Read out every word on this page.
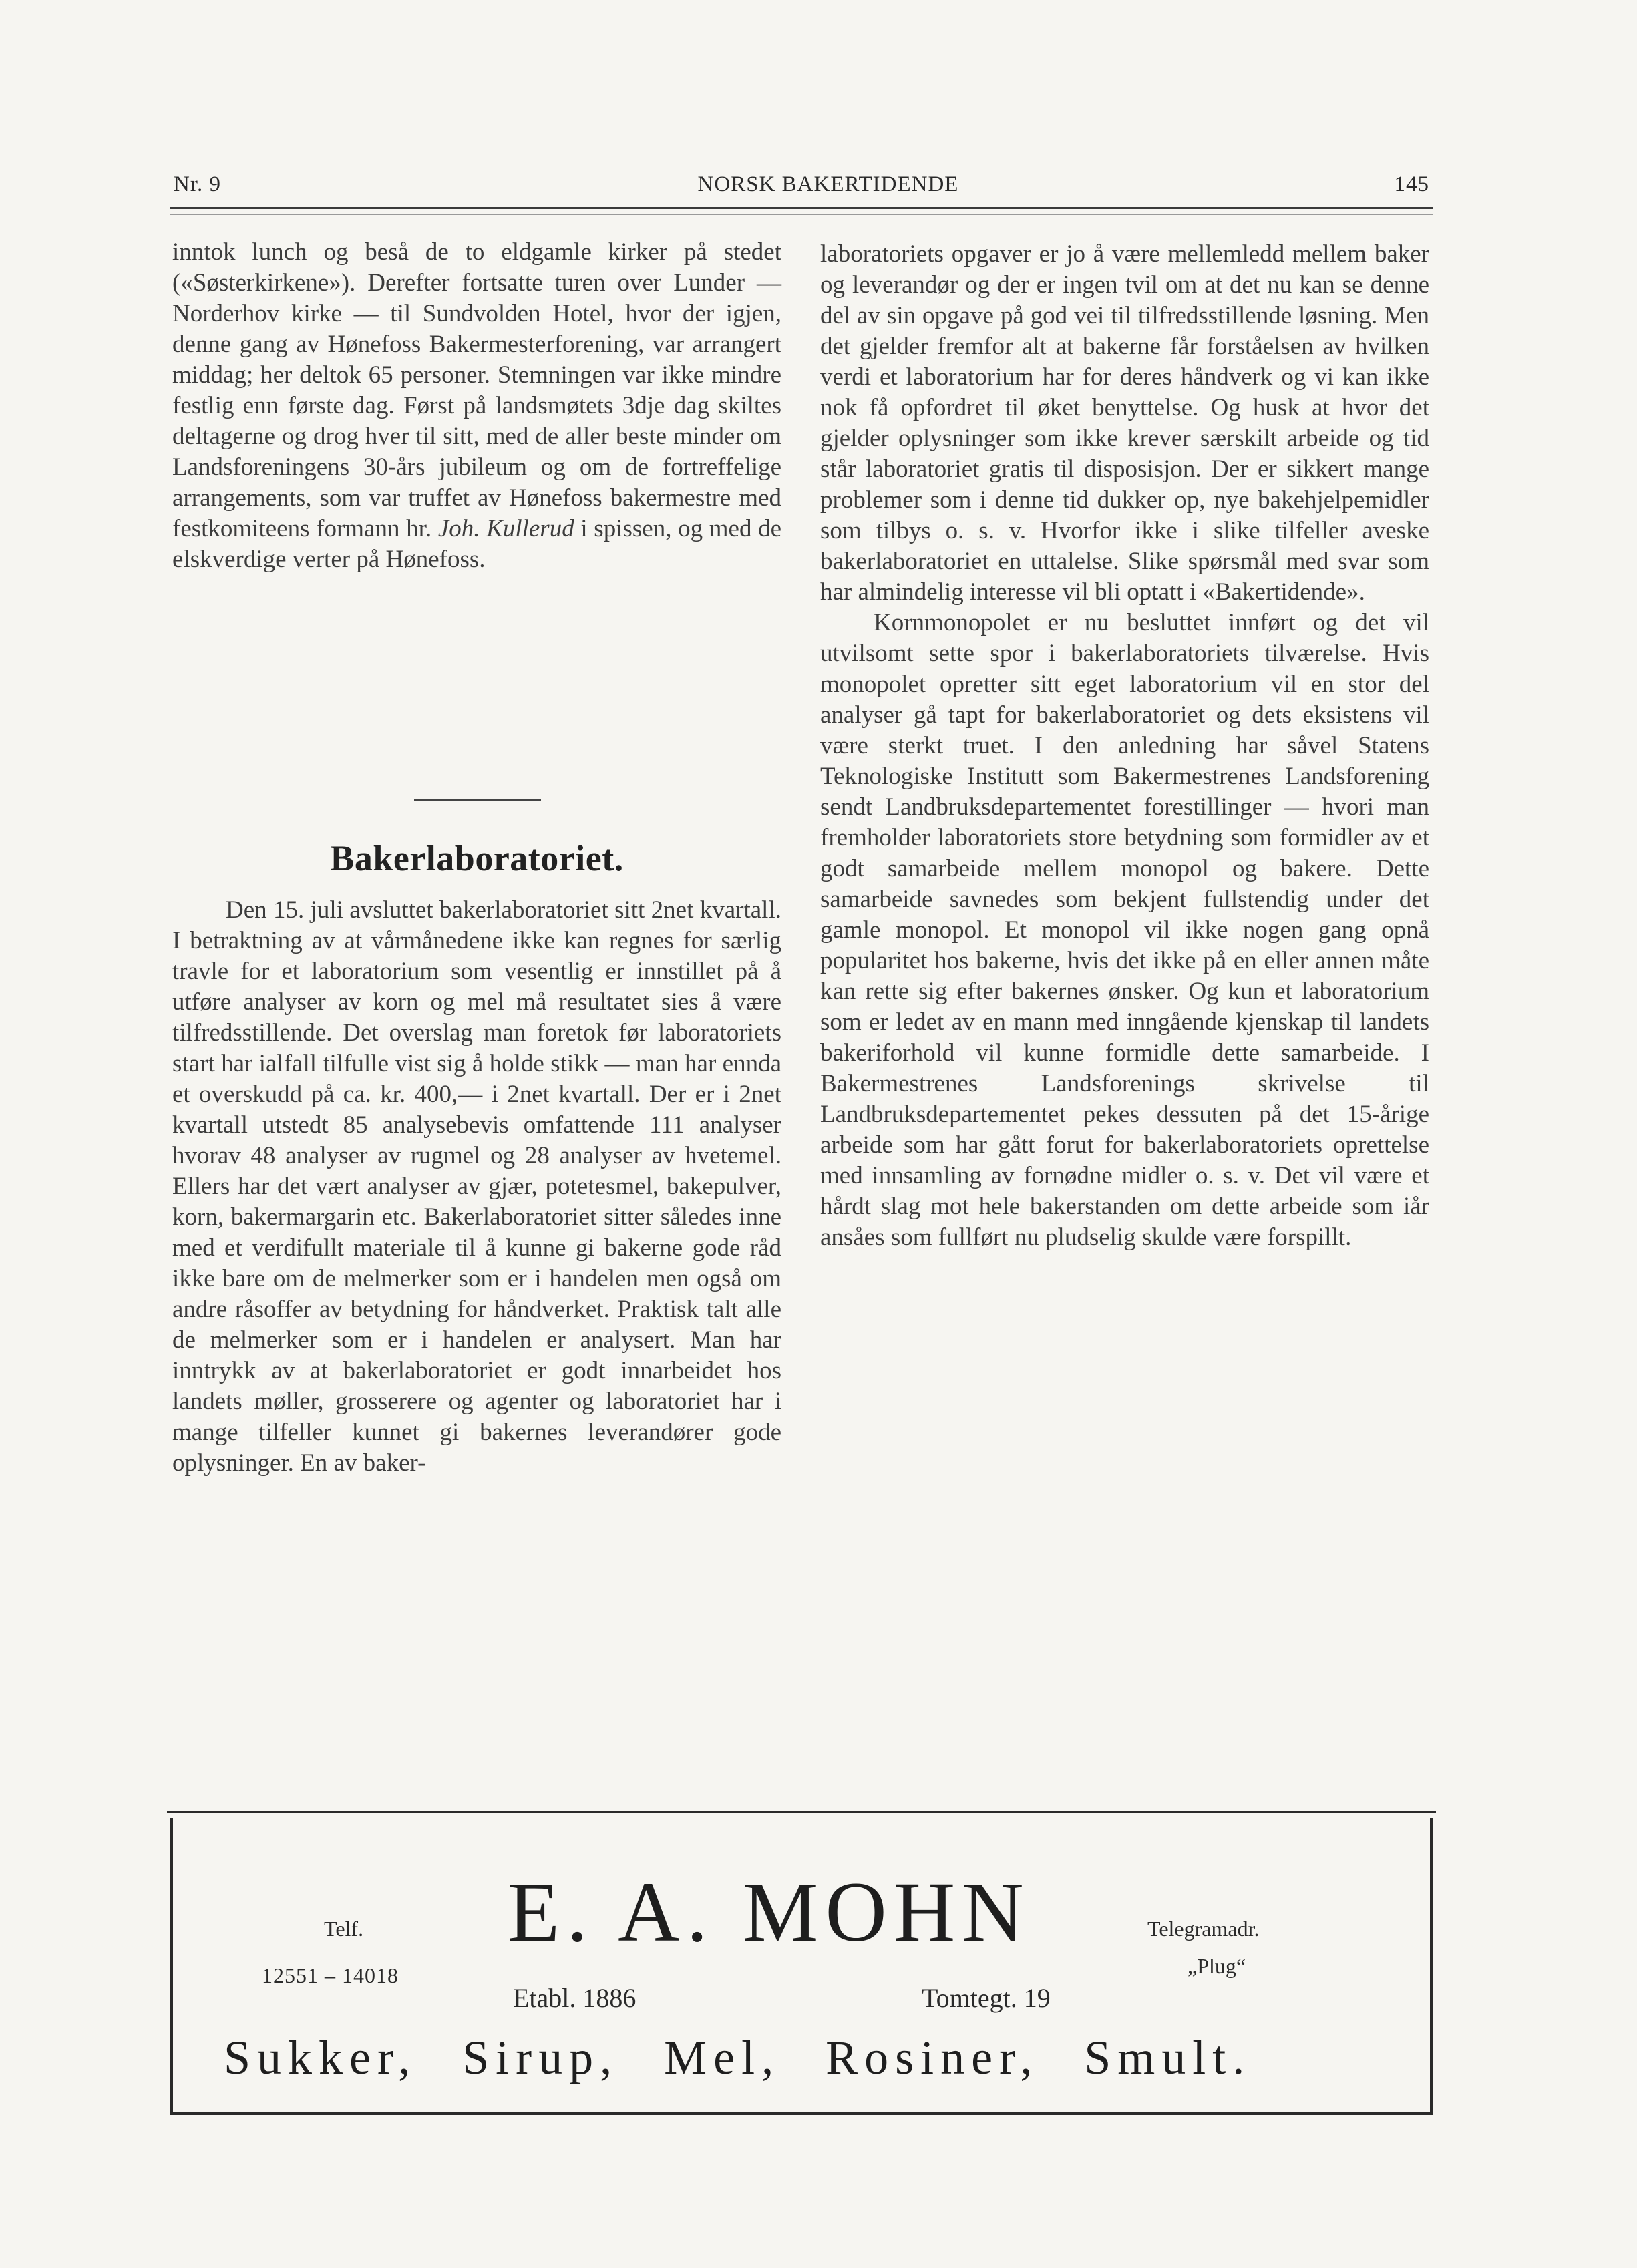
Nr. 9	NORSK BAKERTIDENDE	145

inntok lunch og beså de to eldgamle kirker på stedet («Søsterkirkene»). Derefter fortsatte turen over Lunder — Norderhov kirke — til Sundvolden Hotel, hvor der igjen, denne gang av Hønefoss Bakermesterforening, var arrangert middag; her deltok 65 personer. Stemningen var ikke mindre festlig enn første dag. Først på landsmøtets 3dje dag skiltes deltagerne og drog hver til sitt, med de aller beste minder om Landsforeningens 30-års jubileum og om de fortreffelige arrangements, som var truffet av Hønefoss bakermestre med festkomiteens formann hr. Joh. Kullerud i spissen, og med de elskverdige verter på Hønefoss.

Bakerlaboratoriet.

Den 15. juli avsluttet bakerlaboratoriet sitt 2net kvartall. I betraktning av at vårmånedene ikke kan regnes for særlig travle for et laboratorium som vesentlig er innstillet på å utføre analyser av korn og mel må resultatet sies å være tilfredsstillende. Det overslag man foretok før laboratoriets start har ialfall tilfulle vist sig å holde stikk — man har ennda et overskudd på ca. kr. 400,— i 2net kvartall. Der er i 2net kvartall utstedt 85 analysebevis omfattende 111 analyser hvorav 48 analyser av rugmel og 28 analyser av hvetemel. Ellers har det vært analyser av gjær, potetesmel, bakepulver, korn, bakermargarin etc. Bakerlaboratoriet sitter således inne med et verdifullt materiale til å kunne gi bakerne gode råd ikke bare om de melmerker som er i handelen men også om andre råsoffer av betydning for håndverket. Praktisk talt alle de melmerker som er i handelen er analysert. Man har inntrykk av at bakerlaboratoriet er godt innarbeidet hos landets møller, grosserere og agenter og laboratoriet har i mange tilfeller kunnet gi bakernes leverandører gode oplysninger. En av baker-

laboratoriets opgaver er jo å være mellemledd mellem baker og leverandør og der er ingen tvil om at det nu kan se denne del av sin opgave på god vei til tilfredsstillende løsning. Men det gjelder fremfor alt at bakerne får forståelsen av hvilken verdi et laboratorium har for deres håndverk og vi kan ikke nok få opfordret til øket benyttelse. Og husk at hvor det gjelder oplysninger som ikke krever særskilt arbeide og tid står laboratoriet gratis til disposisjon. Der er sikkert mange problemer som i denne tid dukker op, nye bakehjelpemidler som tilbys o. s. v. Hvorfor ikke i slike tilfeller aveske bakerlaboratoriet en uttalelse. Slike spørsmål med svar som har almindelig interesse vil bli optatt i «Bakertidende».

Kornmonopolet er nu besluttet innført og det vil utvilsomt sette spor i bakerlaboratoriets tilværelse. Hvis monopolet opretter sitt eget laboratorium vil en stor del analyser gå tapt for bakerlaboratoriet og dets eksistens vil være sterkt truet. I den anledning har såvel Statens Teknologiske Institutt som Bakermestrenes Landsforening sendt Landbruksdepartementet forestillinger — hvori man fremholder laboratoriets store betydning som formidler av et godt samarbeide mellem monopol og bakere. Dette samarbeide savnedes som bekjent fullstendig under det gamle monopol. Et monopol vil ikke nogen gang opnå popularitet hos bakerne, hvis det ikke på en eller annen måte kan rette sig efter bakernes ønsker. Og kun et laboratorium som er ledet av en mann med inngående kjenskap til landets bakeriforhold vil kunne formidle dette samarbeide. I Bakermestrenes Landsforenings skrivelse til Landbruksdepartementet pekes dessuten på det 15-årige arbeide som har gått forut for bakerlaboratoriets oprettelse med innsamling av fornødne midler o. s. v. Det vil være et hårdt slag mot hele bakerstanden om dette arbeide som iår ansåes som fullført nu pludselig skulde være forspillt.

Telf.
12551 – 14018
E. A. MOHN
Etabl. 1886	Tomtegt. 19
Telegramadr.
„Plug“
Sukker, Sirup, Mel, Rosiner, Smult.
